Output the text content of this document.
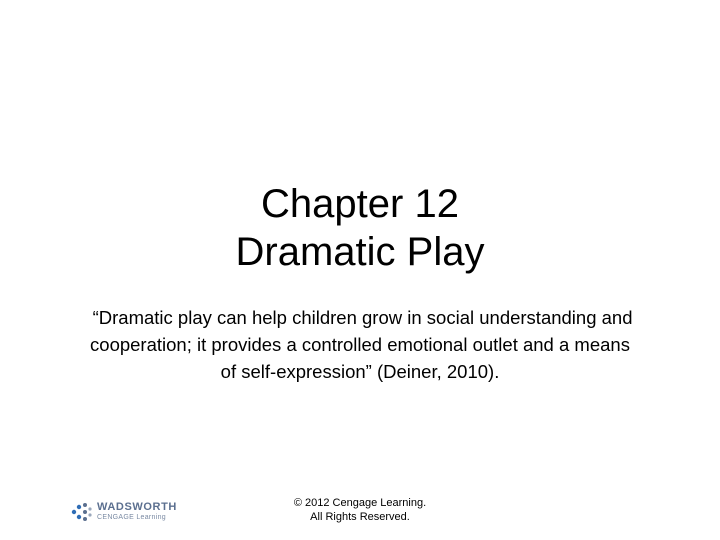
Chapter 12
Dramatic Play
“Dramatic play can help children grow in social understanding and
cooperation; it provides a controlled emotional outlet and a means
of self-expression” (Deiner, 2010).
WADSWORTH
CENGAGE Learning
© 2012 Cengage Learning.
All Rights Reserved.
